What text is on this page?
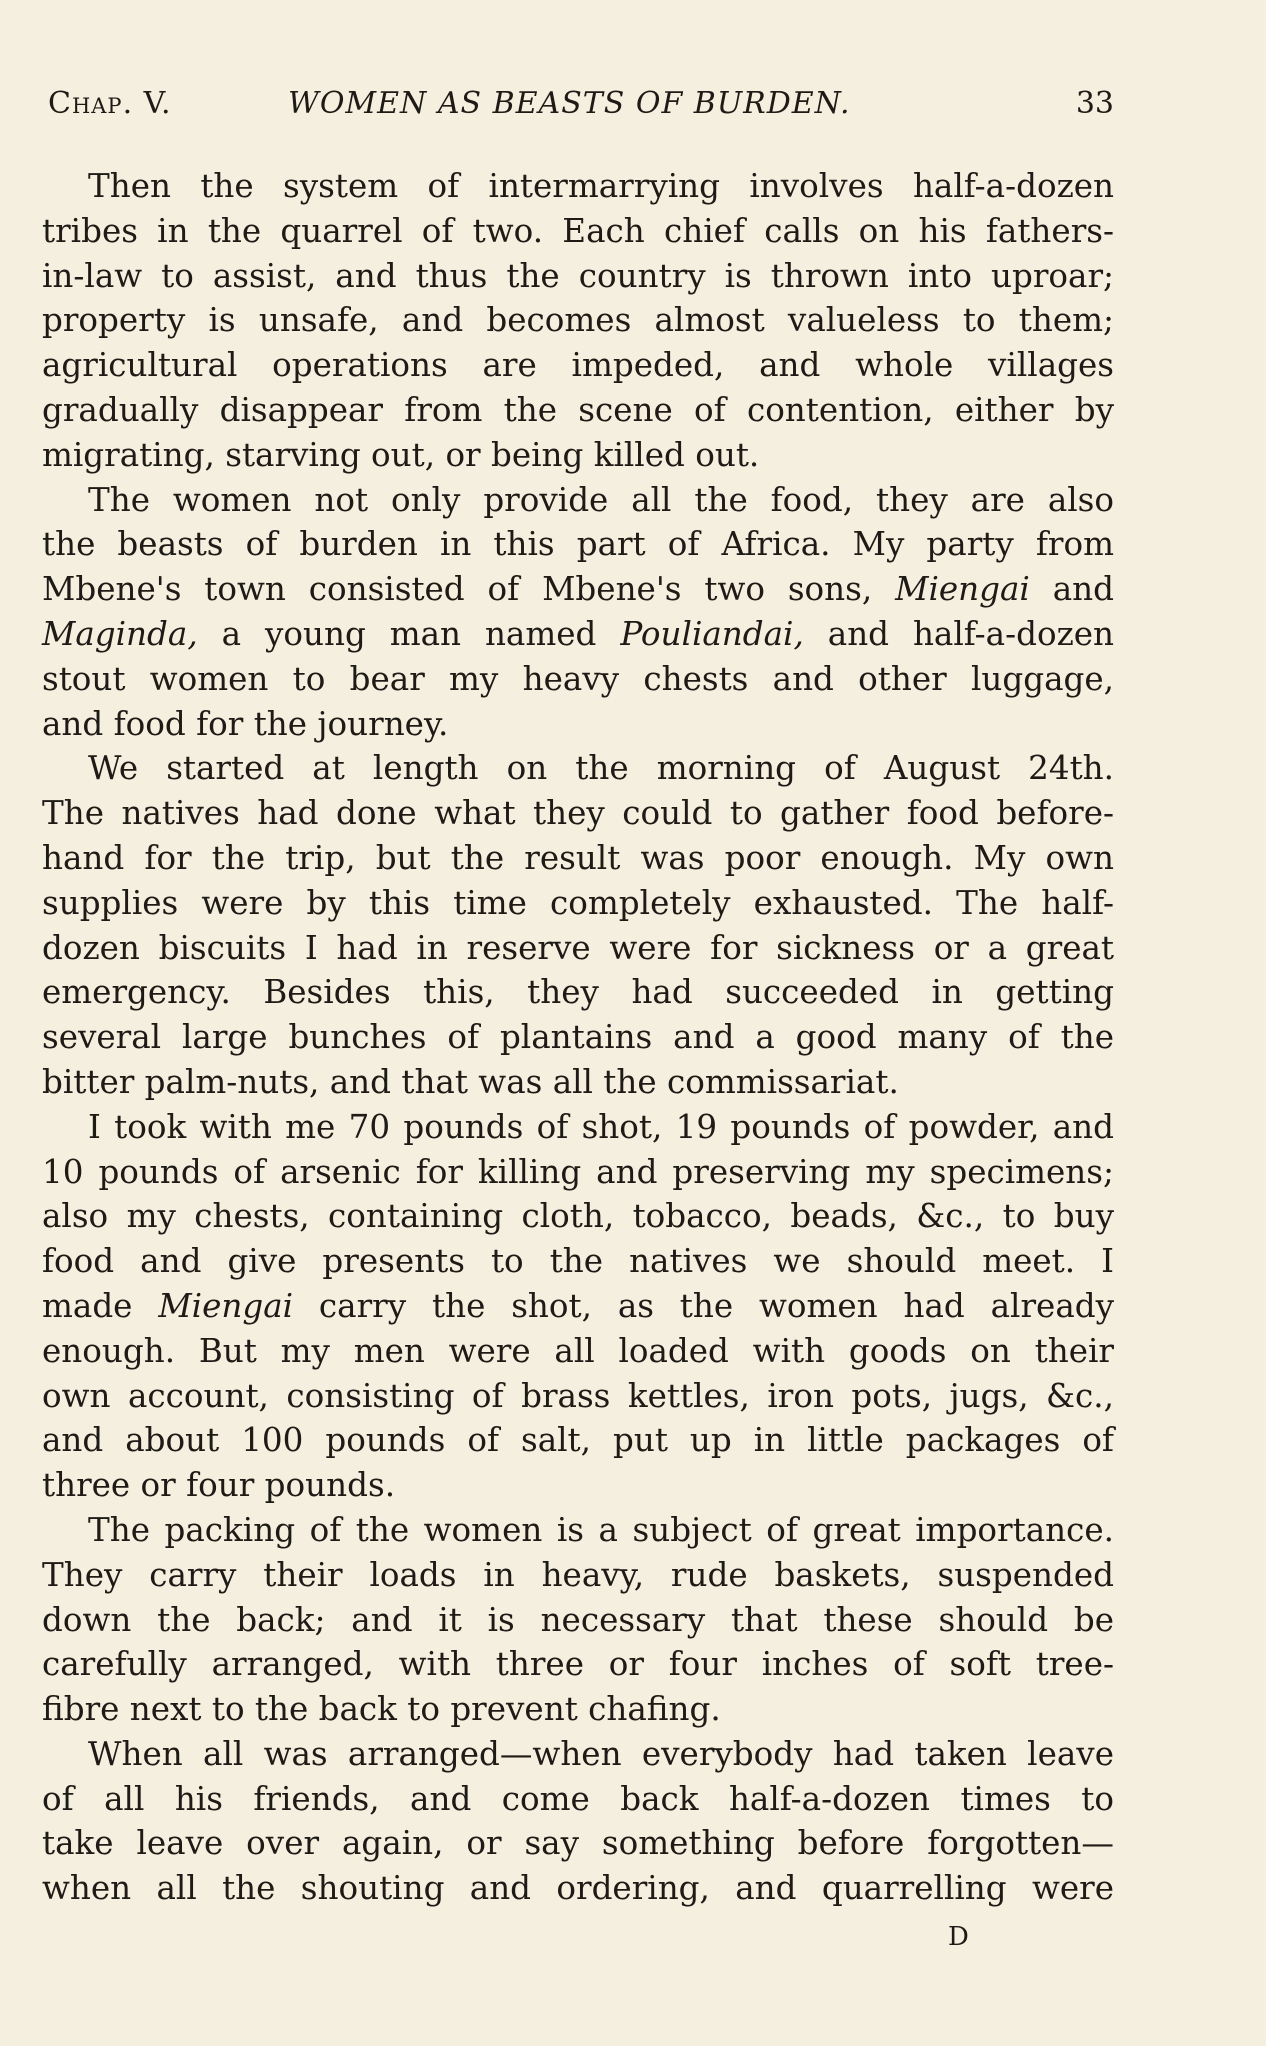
Chap. V.	WOMEN AS BEASTS OF BURDEN.	33

Then the system of intermarrying involves half-a-dozen
tribes in the quarrel of two. Each chief calls on his fathers-
in-law to assist, and thus the country is thrown into uproar;
property is unsafe, and becomes almost valueless to them;
agricultural operations are impeded, and whole villages
gradually disappear from the scene of contention, either by
migrating, starving out, or being killed out.

The women not only provide all the food, they are also
the beasts of burden in this part of Africa. My party from
Mbene's town consisted of Mbene's two sons, Miengai and
Maginda, a young man named Pouliandai, and half-a-dozen
stout women to bear my heavy chests and other luggage,
and food for the journey.

We started at length on the morning of August 24th.
The natives had done what they could to gather food before-
hand for the trip, but the result was poor enough. My own
supplies were by this time completely exhausted. The half-
dozen biscuits I had in reserve were for sickness or a great
emergency. Besides this, they had succeeded in getting
several large bunches of plantains and a good many of the
bitter palm-nuts, and that was all the commissariat.

I took with me 70 pounds of shot, 19 pounds of powder, and
10 pounds of arsenic for killing and preserving my specimens;
also my chests, containing cloth, tobacco, beads, &c., to buy
food and give presents to the natives we should meet. I
made Miengai carry the shot, as the women had already
enough. But my men were all loaded with goods on their
own account, consisting of brass kettles, iron pots, jugs, &c.,
and about 100 pounds of salt, put up in little packages of
three or four pounds.

The packing of the women is a subject of great importance.
They carry their loads in heavy, rude baskets, suspended
down the back; and it is necessary that these should be
carefully arranged, with three or four inches of soft tree-
fibre next to the back to prevent chafing.

When all was arranged—when everybody had taken leave
of all his friends, and come back half-a-dozen times to
take leave over again, or say something before forgotten—
when all the shouting and ordering, and quarrelling were

D
